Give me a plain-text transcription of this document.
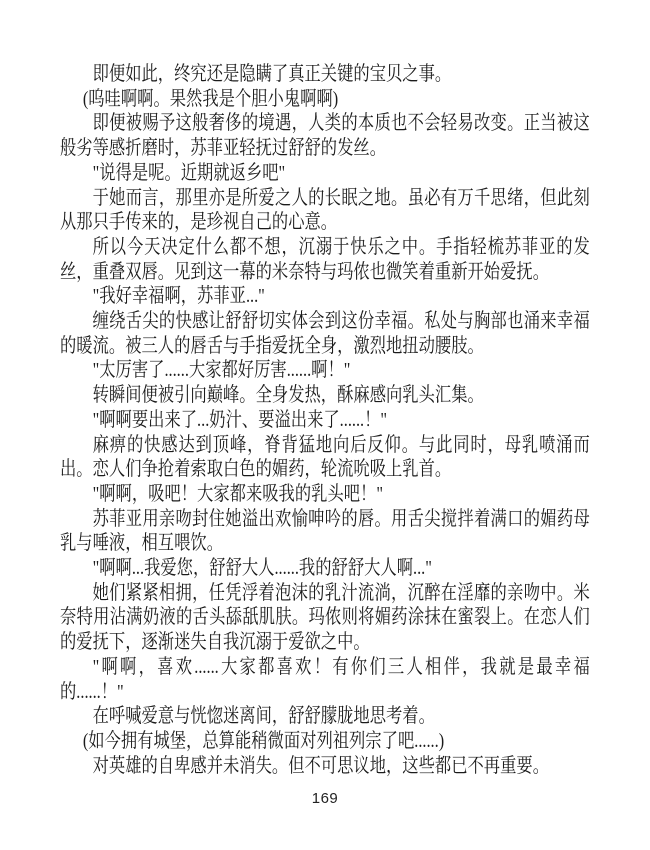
即便如此，终究还是隐瞒了真正关键的宝贝之事。

(呜哇啊啊。果然我是个胆小鬼啊啊)

即便被赐予这般奢侈的境遇，人类的本质也不会轻易改变。正当被这般劣等感折磨时，苏菲亚轻抚过舒舒的发丝。

"说得是呢。近期就返乡吧"

于她而言，那里亦是所爱之人的长眠之地。虽必有万千思绪，但此刻从那只手传来的，是珍视自己的心意。

所以今天决定什么都不想，沉溺于快乐之中。手指轻梳苏菲亚的发丝，重叠双唇。见到这一幕的米奈特与玛侬也微笑着重新开始爱抚。

"我好幸福啊，苏菲亚..."

缠绕舌尖的快感让舒舒切实体会到这份幸福。私处与胸部也涌来幸福的暖流。被三人的唇舌与手指爱抚全身，激烈地扭动腰肢。

"太厉害了......大家都好厉害......啊！"

转瞬间便被引向巅峰。全身发热，酥麻感向乳头汇集。

"啊啊要出来了...奶汁、要溢出来了......！"

麻痹的快感达到顶峰，脊背猛地向后反仰。与此同时，母乳喷涌而出。恋人们争抢着索取白色的媚药，轮流吮吸上乳首。

"啊啊，吸吧！大家都来吸我的乳头吧！"

苏菲亚用亲吻封住她溢出欢愉呻吟的唇。用舌尖搅拌着满口的媚药母乳与唾液，相互喂饮。

"啊啊...我爱您，舒舒大人......我的舒舒大人啊..."

她们紧紧相拥，任凭浮着泡沫的乳汁流淌，沉醉在淫靡的亲吻中。米奈特用沾满奶液的舌头舔舐肌肤。玛侬则将媚药涂抹在蜜裂上。在恋人们的爱抚下，逐渐迷失自我沉溺于爱欲之中。

"啊啊，喜欢......大家都喜欢！有你们三人相伴，我就是最幸福的......！"

在呼喊爱意与恍惚迷离间，舒舒朦胧地思考着。

(如今拥有城堡，总算能稍微面对列祖列宗了吧......)

对英雄的自卑感并未消失。但不可思议地，这些都已不再重要。

169
